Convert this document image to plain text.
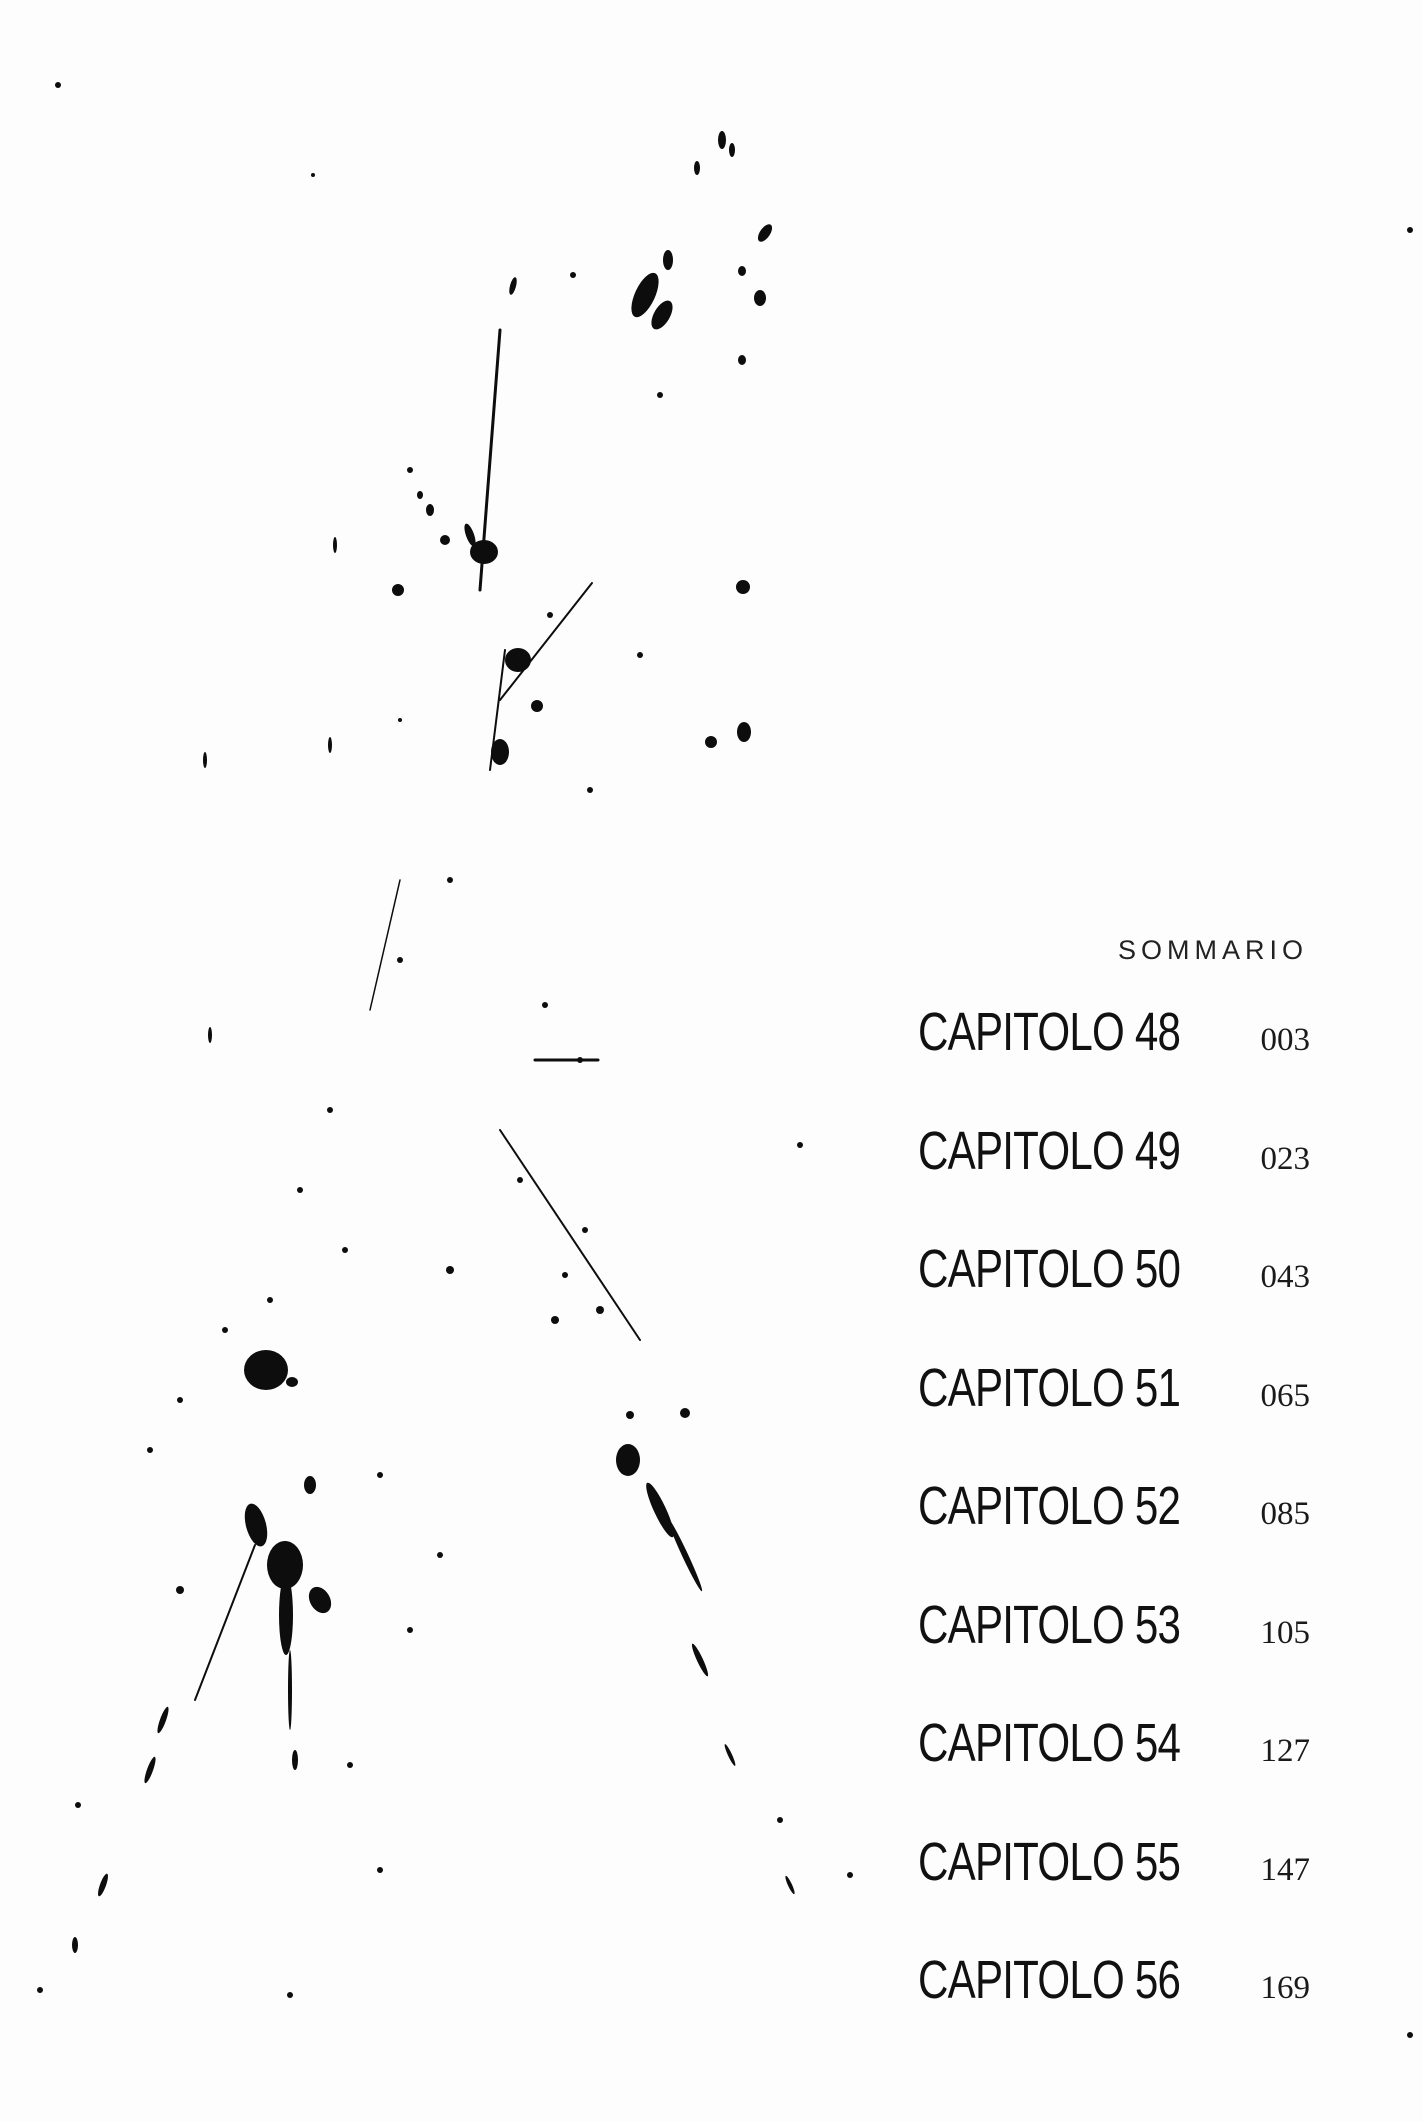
SOMMARIO
CAPITOLO 48 003
CAPITOLO 49 023
CAPITOLO 50 043
CAPITOLO 51 065
CAPITOLO 52 085
CAPITOLO 53 105
CAPITOLO 54 127
CAPITOLO 55 147
CAPITOLO 56 169
